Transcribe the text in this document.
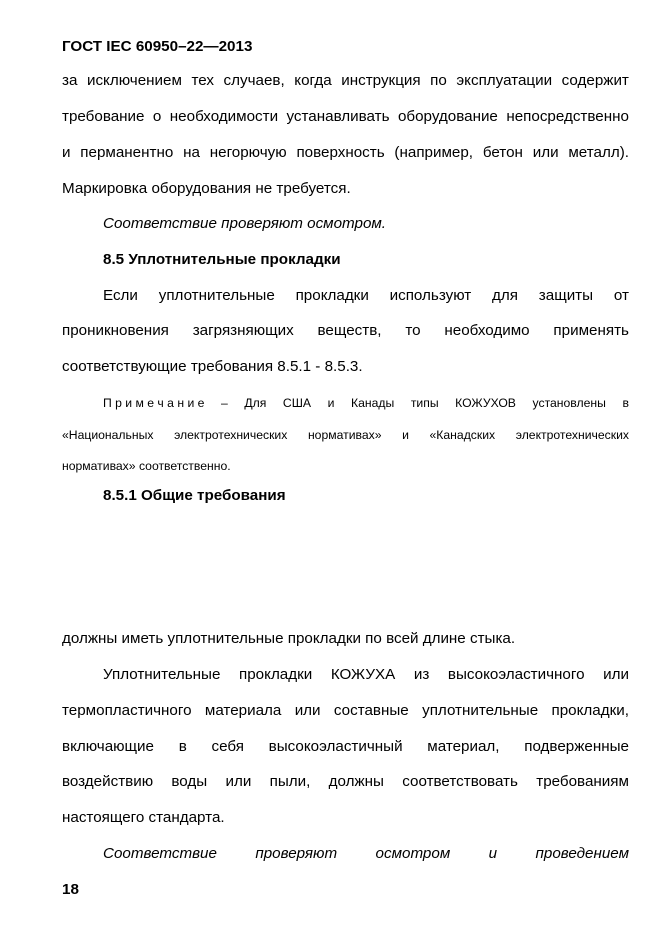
ГОСТ IEC 60950–22—2013
за исключением тех случаев, когда инструкция по эксплуатации содержит
требование о необходимости устанавливать оборудование непосредственно
и перманентно на негорючую поверхность (например, бетон или металл).
Маркировка оборудования не требуется.
Соответствие проверяют осмотром.
8.5 Уплотнительные прокладки
Если уплотнительные прокладки используют для защиты от
проникновения загрязняющих веществ, то необходимо применять
соответствующие требования 8.5.1 - 8.5.3.
П р и м е ч а н и е – Для США и Канады типы КОЖУХОВ установлены в
«Национальных электротехнических нормативах» и «Канадских электротехнических
нормативах» соответственно.
8.5.1 Общие требования
должны иметь уплотнительные прокладки по всей длине стыка.
Уплотнительные прокладки КОЖУХА из высокоэластичного или
термопластичного материала или составные уплотнительные прокладки,
включающие в себя высокоэластичный материал, подверженные
воздействию воды или пыли, должны соответствовать требованиям
настоящего стандарта.
Соответствие	проверяют	осмотром	и	проведением
18
